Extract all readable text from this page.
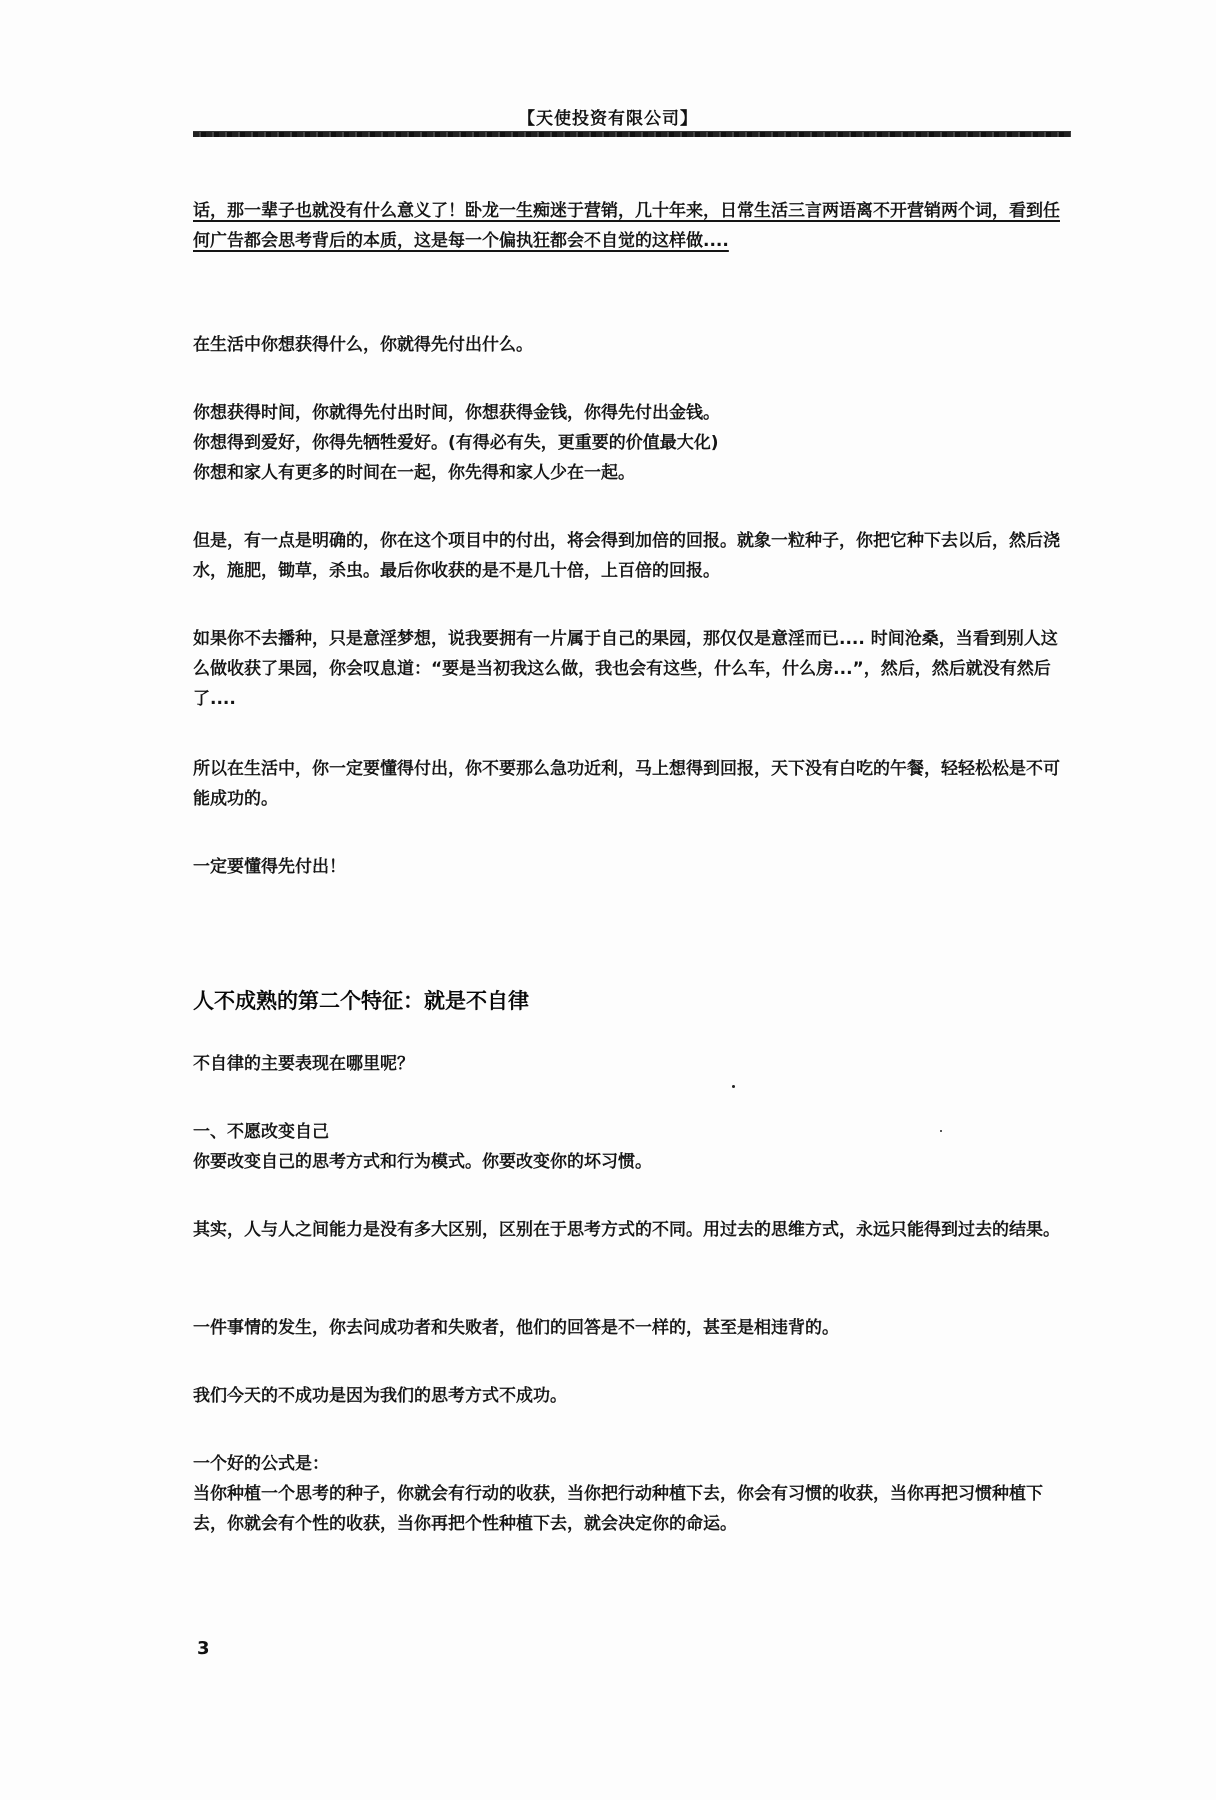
【天使投资有限公司】
话，那一辈子也就没有什么意义了！卧龙一生痴迷于营销，几十年来，日常生活三言两语离不开营销两个词，看到任何广告都会思考背后的本质，这是每一个偏执狂都会不自觉的这样做....
在生活中你想获得什么，你就得先付出什么。
你想获得时间，你就得先付出时间，你想获得金钱，你得先付出金钱。
你想得到爱好，你得先牺牲爱好。(有得必有失，更重要的价值最大化)
你想和家人有更多的时间在一起，你先得和家人少在一起。
但是，有一点是明确的，你在这个项目中的付出，将会得到加倍的回报。就象一粒种子，你把它种下去以后，然后浇水，施肥，锄草，杀虫。最后你收获的是不是几十倍，上百倍的回报。
如果你不去播种，只是意淫梦想，说我要拥有一片属于自己的果园，那仅仅是意淫而已.... 时间沧桑，当看到别人这么做收获了果园，你会叹息道：“要是当初我这么做，我也会有这些，什么车，什么房...”，然后，然后就没有然后了....
所以在生活中，你一定要懂得付出，你不要那么急功近利，马上想得到回报，天下没有白吃的午餐，轻轻松松是不可能成功的。
一定要懂得先付出！
人不成熟的第二个特征：就是不自律
不自律的主要表现在哪里呢？
一、不愿改变自己
你要改变自己的思考方式和行为模式。你要改变你的坏习惯。
其实，人与人之间能力是没有多大区别，区别在于思考方式的不同。用过去的思维方式，永远只能得到过去的结果。
一件事情的发生，你去问成功者和失败者，他们的回答是不一样的，甚至是相违背的。
我们今天的不成功是因为我们的思考方式不成功。
一个好的公式是：
当你种植一个思考的种子，你就会有行动的收获，当你把行动种植下去，你会有习惯的收获，当你再把习惯种植下去，你就会有个性的收获，当你再把个性种植下去，就会决定你的命运。
3
